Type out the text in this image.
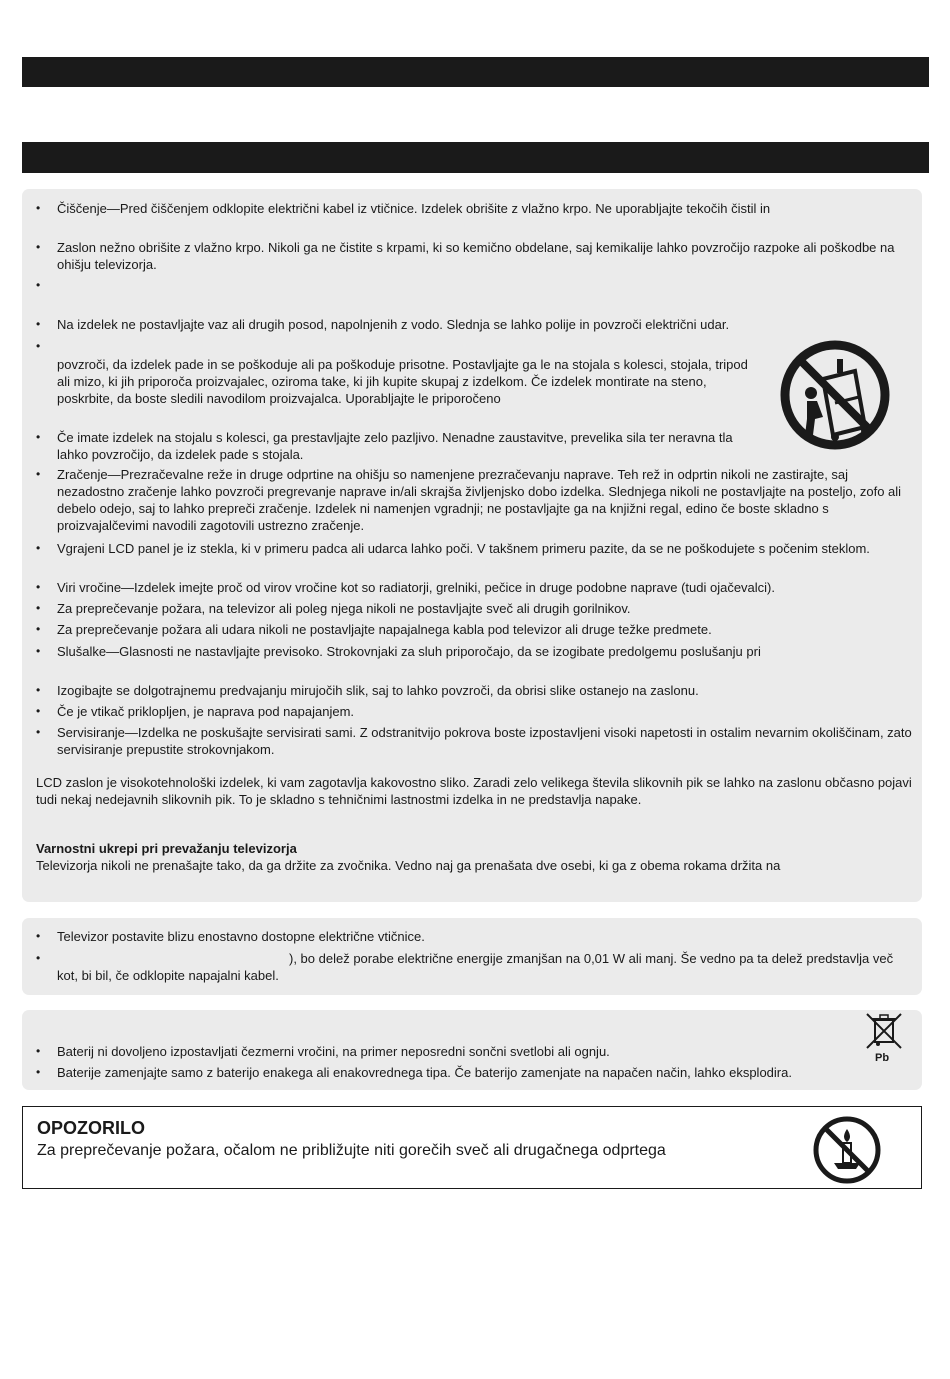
•	Čiščenje—Pred čiščenjem odklopite električni kabel iz vtičnice. Izdelek obrišite z vlažno krpo. Ne uporabljajte tekočih čistil in
•	Zaslon nežno obrišite z vlažno krpo. Nikoli ga ne čistite s krpami, ki so kemično obdelane, saj kemikalije lahko povzročijo razpoke ali poškodbe na ohišju televizorja.
•
•	Na izdelek ne postavljajte vaz ali drugih posod, napolnjenih z vodo. Slednja se lahko polije in povzroči električni udar.
•
povzroči, da izdelek pade in se poškoduje ali pa poškoduje prisotne. Postavljajte ga le na stojala s kolesci, stojala, tripod ali mizo, ki jih priporoča proizvajalec, oziroma take, ki jih kupite skupaj z izdelkom. Če izdelek montirate na steno, poskrbite, da boste sledili navodilom proizvajalca. Uporabljajte le priporočeno
•	Če imate izdelek na stojalu s kolesci, ga prestavljajte zelo pazljivo. Nenadne zaustavitve, prevelika sila ter neravna tla lahko povzročijo, da izdelek pade s stojala.
•	Zračenje—Prezračevalne reže in druge odprtine na ohišju so namenjene prezračevanju naprave. Teh rež in odprtin nikoli ne zastirajte, saj nezadostno zračenje lahko povzroči pregrevanje naprave in/ali skrajša življenjsko dobo izdelka. Slednjega nikoli ne postavljajte na posteljo, zofo ali debelo odejo, saj to lahko prepreči zračenje. Izdelek ni namenjen vgradnji; ne postavljajte ga na knjižni regal, edino če boste skladno s proizvajalčevimi navodili zagotovili ustrezno zračenje.
•	Vgrajeni LCD panel je iz stekla, ki v primeru padca ali udarca lahko poči. V takšnem primeru pazite, da se ne poškodujete s počenim steklom.
•	Viri vročine—Izdelek imejte proč od virov vročine kot so radiatorji, grelniki, pečice in druge podobne naprave (tudi ojačevalci).
•	Za preprečevanje požara, na televizor ali poleg njega nikoli ne postavljajte sveč ali drugih gorilnikov.
•	Za preprečevanje požara ali udara nikoli ne postavljajte napajalnega kabla pod televizor ali druge težke predmete.
•	Slušalke—Glasnosti ne nastavljajte previsoko. Strokovnjaki za sluh priporočajo, da se izogibate predolgemu poslušanju pri
•	Izogibajte se dolgotrajnemu predvajanju mirujočih slik, saj to lahko povzroči, da obrisi slike ostanejo na zaslonu.
•	Če je vtikač priklopljen, je naprava pod napajanjem.
•	Servisiranje—Izdelka ne poskušajte servisirati sami. Z odstranitvijo pokrova boste izpostavljeni visoki napetosti in ostalim nevarnim okoliščinam, zato servisiranje prepustite strokovnjakom.
LCD zaslon je visokotehnološki izdelek, ki vam zagotavlja kakovostno sliko. Zaradi zelo velikega števila slikovnih pik se lahko na zaslonu občasno pojavi tudi nekaj nedejavnih slikovnih pik. To je skladno s tehničnimi lastnostmi izdelka in ne predstavlja napake.
Varnostni ukrepi pri prevažanju televizorja
Televizorja nikoli ne prenašajte tako, da ga držite za zvočnika. Vedno naj ga prenašata dve osebi, ki ga z obema rokama držita na
•	Televizor postavite blizu enostavno dostopne električne vtičnice.
•	), bo delež porabe električne energije zmanjšan na 0,01 W ali manj. Še vedno pa ta delež predstavlja več kot, bi bil, če odklopite napajalni kabel.
•	Baterij ni dovoljeno izpostavljati čezmerni vročini, na primer neposredni sončni svetlobi ali ognju.
•	Baterije zamenjajte samo z baterijo enakega ali enakovrednega tipa. Če baterijo zamenjate na napačen način, lahko eksplodira.
Pb
OPOZORILO
Za preprečevanje požara, očalom ne približujte niti gorečih sveč ali drugačnega odprtega
